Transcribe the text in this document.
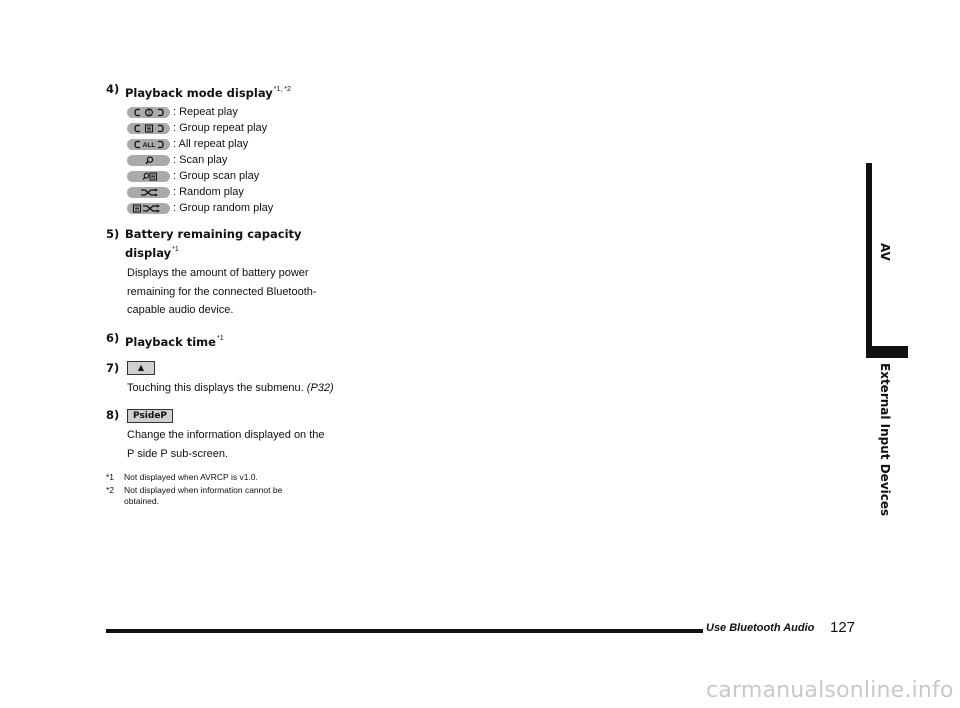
4) Playback mode display$^{*1, *2}$
1 : Repeat play
: Group repeat play
ALL : All repeat play
: Scan play
: Group scan play
: Random play
: Group random play
5) Battery remaining capacity
display$^{*1}$
Displays the amount of battery power
remaining for the connected Bluetooth-
capable audio device.
6) Playback time$^{*1}$
7) ▲
Touching this displays the submenu. (P32)
8) PsideP
Change the information displayed on the
P side P sub-screen.
*1 Not displayed when AVRCP is v1.0.
*2 Not displayed when information cannot be
obtained.
AV
External Input Devices
Use Bluetooth Audio 127
carmanualsonline.info
